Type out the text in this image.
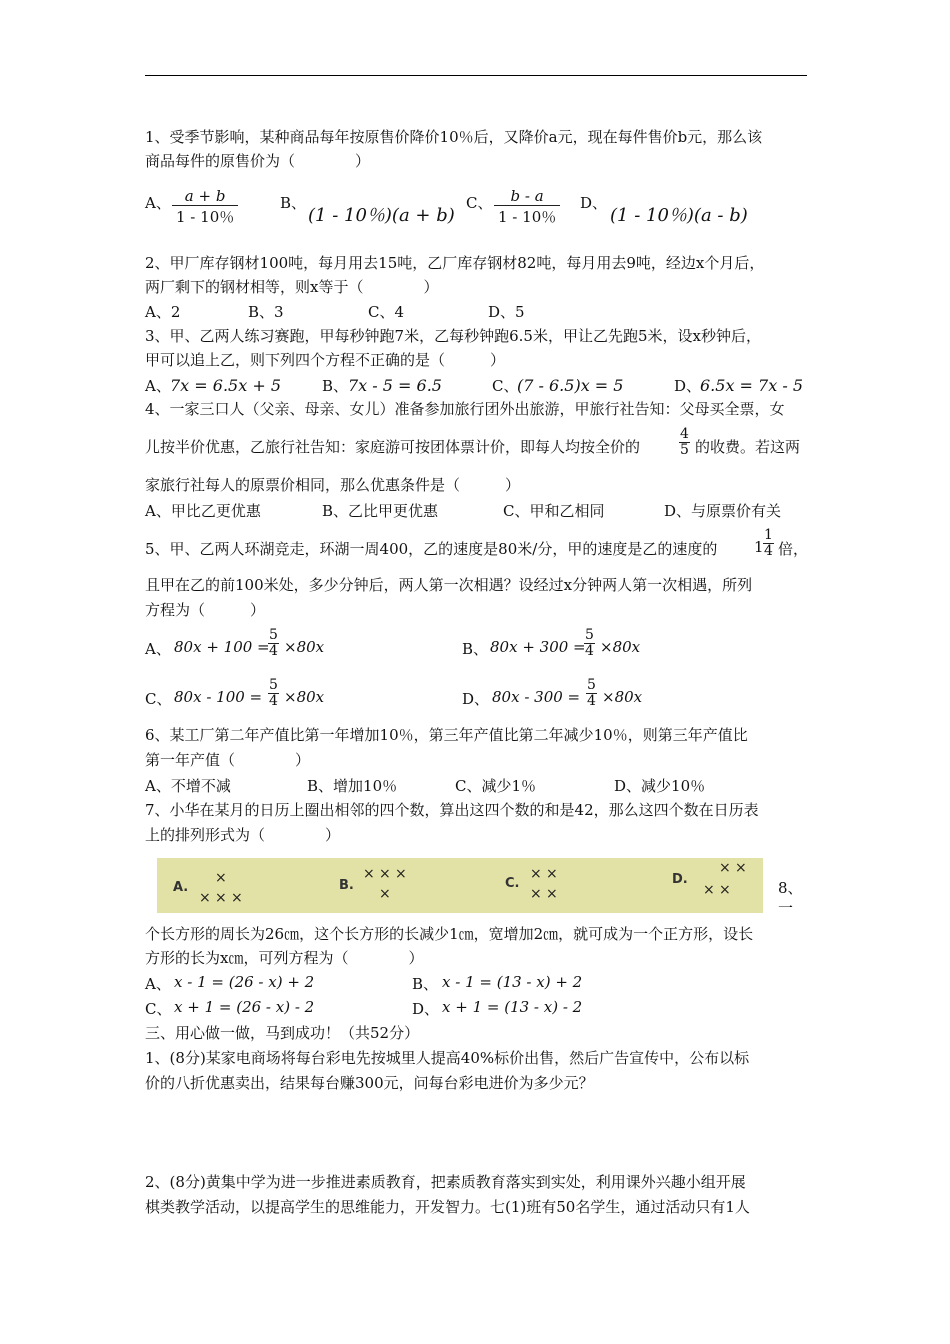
1、受季节影响，某种商品每年按原售价降价10％后，又降价a元，现在每件售价b元，那么该
商品每件的原售价为（　　　　）
A、 $\frac{a + b}{1 - 10\%}$	B、
(1 - 10％)(a + b)
C、 $\frac{b - a}{1 - 10\%}$ D、
(1 - 10％)(a - b)
2、甲厂库存钢材100吨，每月用去15吨，乙厂库存钢材82吨，每月用去9吨，经边x个月后，
两厂剩下的钢材相等，则x等于（　　　　）
A、2	B、3	C、4	D、5
3、甲、乙两人练习赛跑，甲每秒钟跑7米，乙每秒钟跑6.5米，甲让乙先跑5米，设x秒钟后，
甲可以追上乙，则下列四个方程不正确的是（　　　）
A、 7x = 6.5x + 5	B、 7x - 5 = 6.5	C、
(7 - 6.5)x = 5	D、
6.5x = 7x - 5
4、一家三口人（父亲、母亲、女儿）准备参加旅行团外出旅游，甲旅行社告知：父母买全票，女
儿按半价优惠，乙旅行社告知：家庭游可按团体票计价，即每人均按全价的	$\frac{4}{5}$ 的收费。若这两
家旅行社每人的原票价相同，那么优惠条件是（　　　）
A、甲比乙更优惠	B、乙比甲更优惠	C、甲和乙相同	D、与原票价有关
5、甲、乙两人环湖竞走，环湖一周400，乙的速度是80米/分，甲的速度是乙的速度的 $1 \frac{1}{4}$ 倍，
且甲在乙的前100米处，多少分钟后，两人第一次相遇？设经过x分钟两人第一次相遇，所列
方程为（　　　）
A、 80x + 100 =
$\frac{5}{4} \times 80x$	B、 80x + 300 =
$\frac{5}{4} \times 80x$
C、 $80x - 100 = \frac{5}{4} \times 80x$	D、 $80x - 300 = \frac{5}{4} \times 80x$
6、某工厂第二年产值比第一年增加10％，第三年产值比第二年减少10％，则第三年产值比
第一年产值（　　　　）
A、不增不减	B、增加10％	C、减少1％	D、减少10％
7、小华在某月的日历上圈出相邻的四个数，算出这四个数的和是42，那么这四个数在日历表
上的排列形式为（　　　　）
A.
×
× × ×
B.
× × ×
×
C.
× ×
× ×
D.
× ×
× ×	8、
一
个长方形的周长为26㎝，这个长方形的长减少1㎝，宽增加2㎝，就可成为一个正方形，设长
方形的长为x㎝，可列方程为（　　　　）
A、 x - 1 = (26 - x) + 2	B、 x - 1 = (13 - x) + 2
C、 x + 1 = (26 - x) - 2	D、 x + 1 = (13 - x) - 2
三、用心做一做，马到成功！（共52分）
1、(8分)某家电商场将每台彩电先按城里人提高40%标价出售，然后广告宣传中，公布以标
价的八折优惠卖出，结果每台赚300元，问每台彩电进价为多少元？
2、(8分)黄集中学为进一步推进素质教育，把素质教育落实到实处，利用课外兴趣小组开展
棋类教学活动，以提高学生的思维能力，开发智力。七(1)班有50名学生，通过活动只有1人
